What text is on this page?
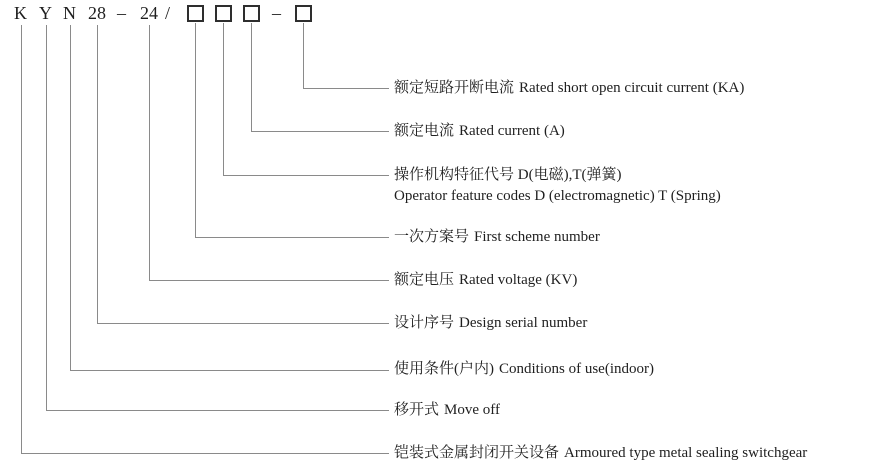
K Y N 28 – 24 /	–
额定短路开断电流 Rated short open circuit current (KA)
额定电流 Rated current (A)
操作机构特征代号 D(电磁),T(弹簧)
Operator feature codes D (electromagnetic) T (Spring)
一次方案号 First scheme number
额定电压 Rated voltage (KV)
设计序号 Design serial number
使用条件(户内) Conditions of use(indoor)
移开式 Move off
铠装式金属封闭开关设备 Armoured type metal sealing switchgear
